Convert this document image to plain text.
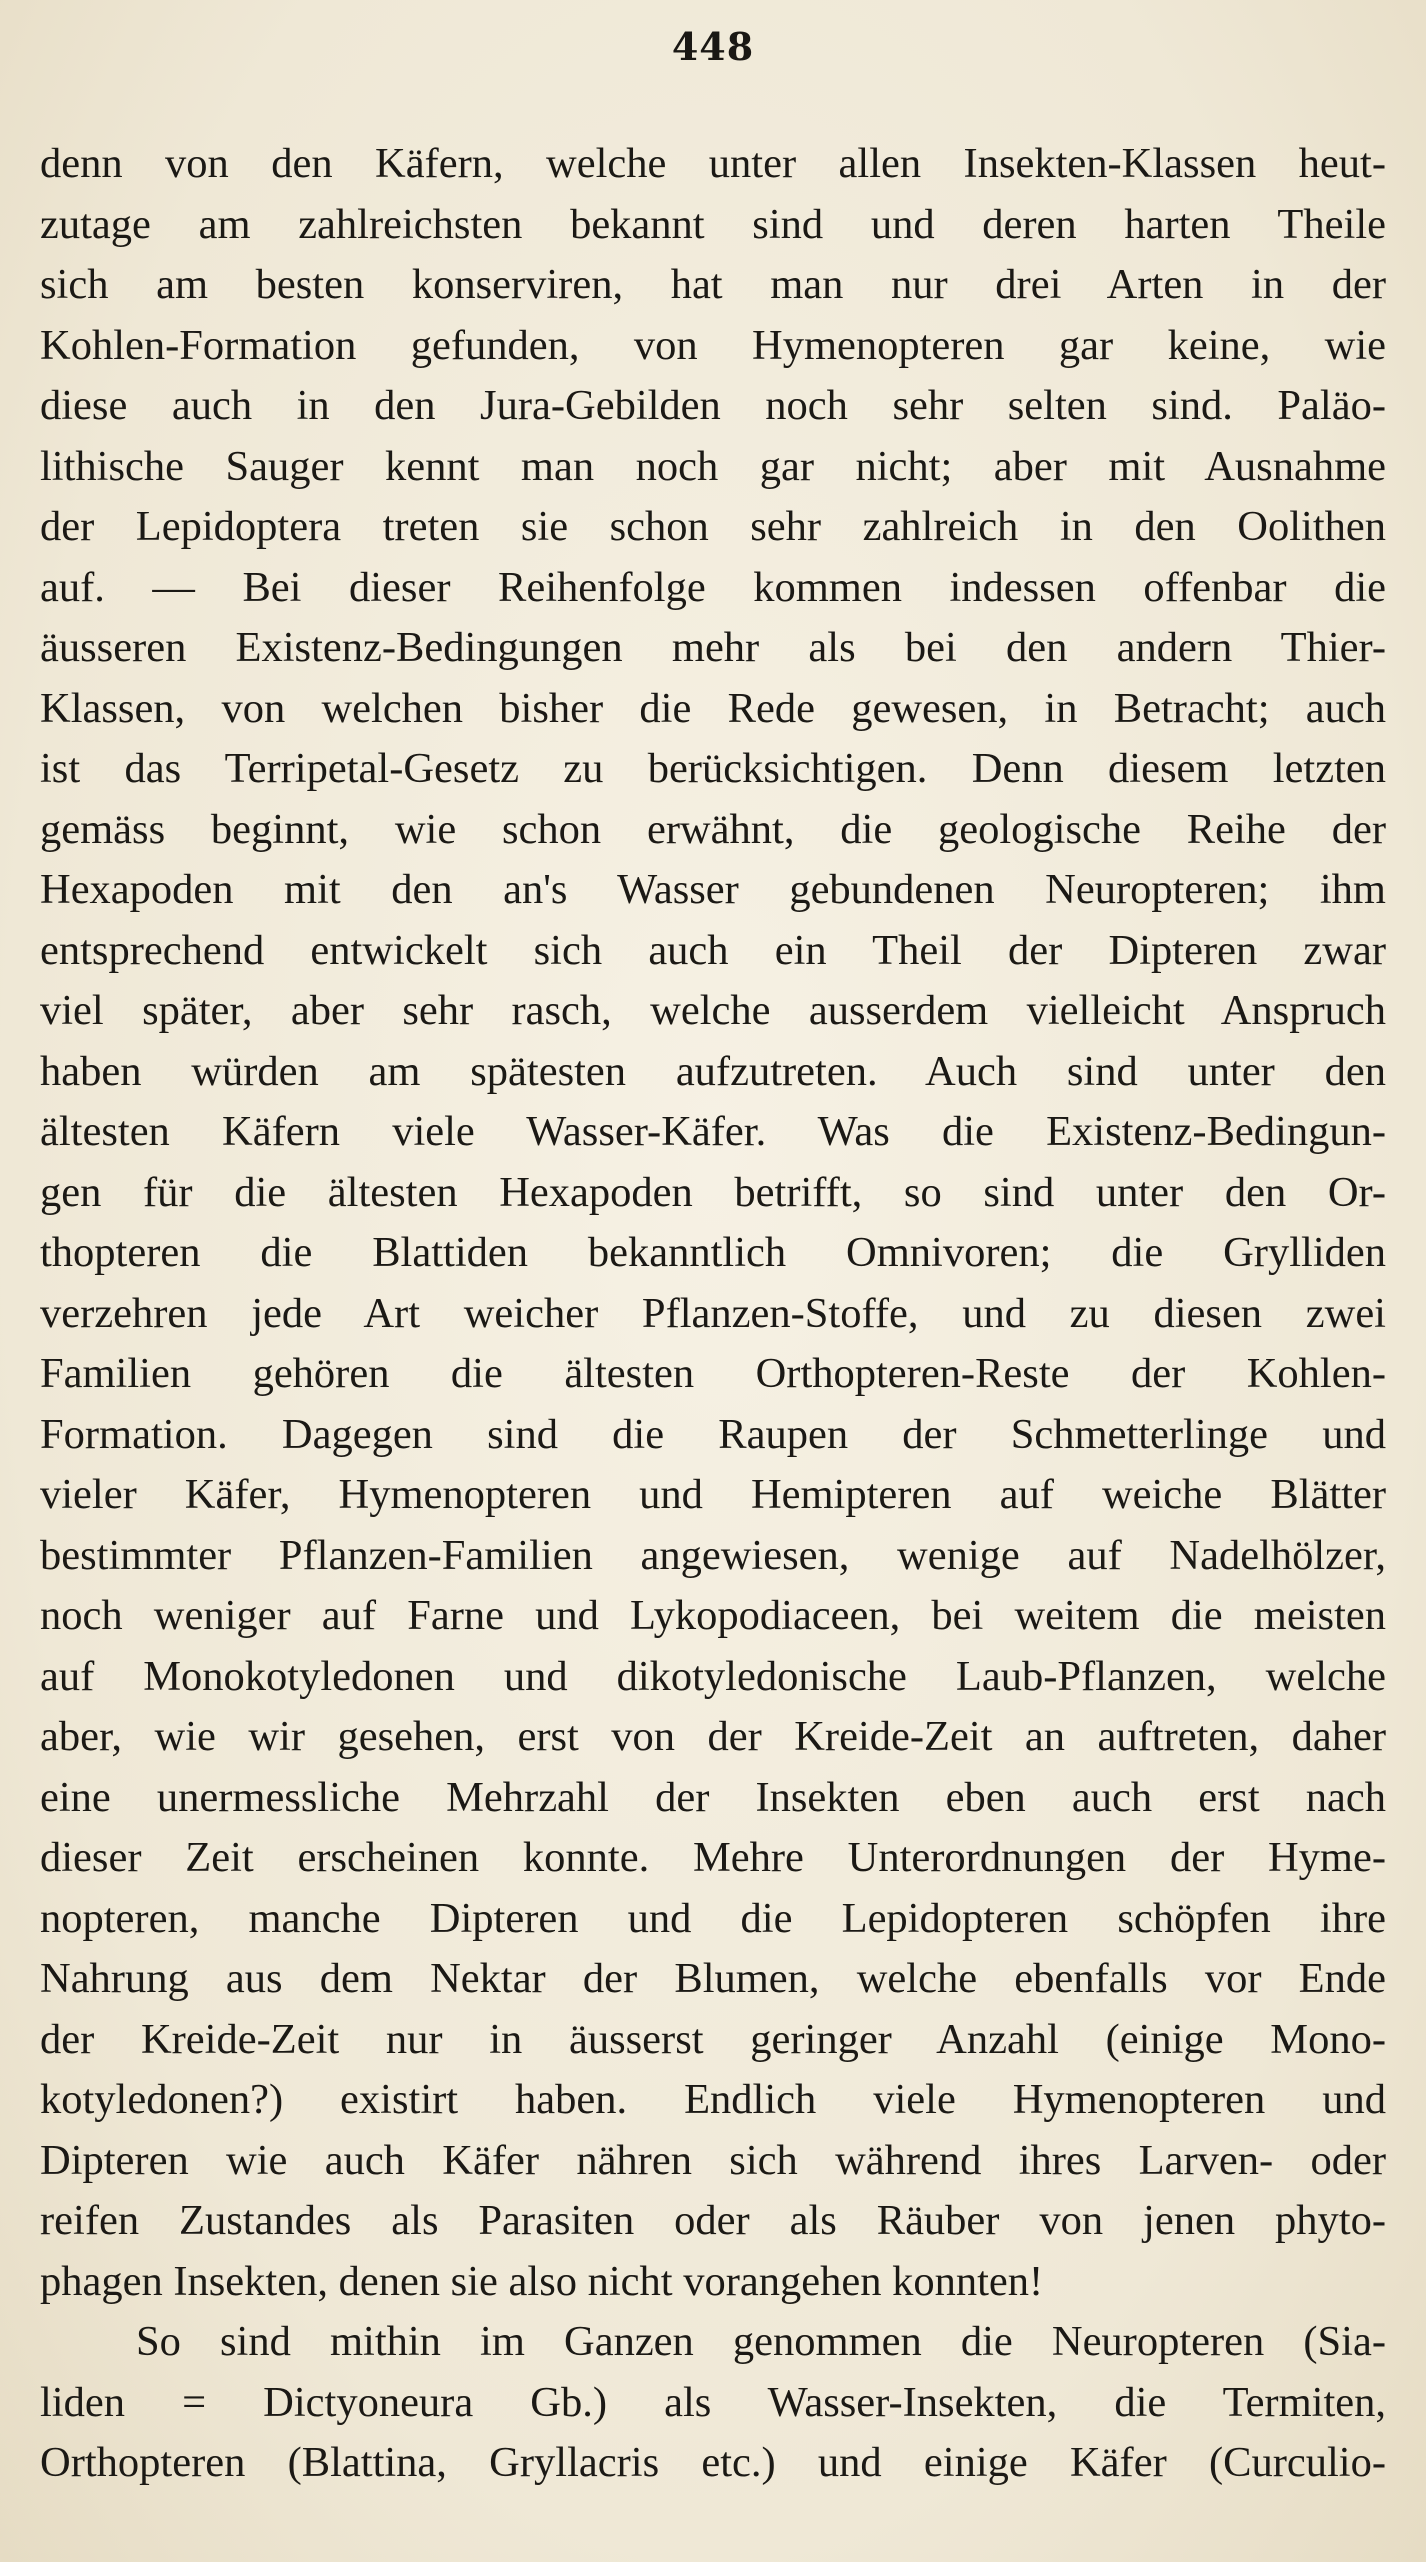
448
denn von den Käfern, welche unter allen Insekten-Klassen heut-
zutage am zahlreichsten bekannt sind und deren harten Theile
sich am besten konserviren, hat man nur drei Arten in der
Kohlen-Formation gefunden, von Hymenopteren gar keine, wie
diese auch in den Jura-Gebilden noch sehr selten sind. Paläo-
lithische Sauger kennt man noch gar nicht; aber mit Ausnahme
der Lepidoptera treten sie schon sehr zahlreich in den Oolithen
auf. — Bei dieser Reihenfolge kommen indessen offenbar die
äusseren Existenz-Bedingungen mehr als bei den andern Thier-
Klassen, von welchen bisher die Rede gewesen, in Betracht; auch
ist das Terripetal-Gesetz zu berücksichtigen. Denn diesem letzten
gemäss beginnt, wie schon erwähnt, die geologische Reihe der
Hexapoden mit den an's Wasser gebundenen Neuropteren; ihm
entsprechend entwickelt sich auch ein Theil der Dipteren zwar
viel später, aber sehr rasch, welche ausserdem vielleicht Anspruch
haben würden am spätesten aufzutreten. Auch sind unter den
ältesten Käfern viele Wasser-Käfer. Was die Existenz-Bedingun-
gen für die ältesten Hexapoden betrifft, so sind unter den Or-
thopteren die Blattiden bekanntlich Omnivoren; die Grylliden
verzehren jede Art weicher Pflanzen-Stoffe, und zu diesen zwei
Familien gehören die ältesten Orthopteren-Reste der Kohlen-
Formation. Dagegen sind die Raupen der Schmetterlinge und
vieler Käfer, Hymenopteren und Hemipteren auf weiche Blätter
bestimmter Pflanzen-Familien angewiesen, wenige auf Nadelhölzer,
noch weniger auf Farne und Lykopodiaceen, bei weitem die meisten
auf Monokotyledonen und dikotyledonische Laub-Pflanzen, welche
aber, wie wir gesehen, erst von der Kreide-Zeit an auftreten, daher
eine unermessliche Mehrzahl der Insekten eben auch erst nach
dieser Zeit erscheinen konnte. Mehre Unterordnungen der Hyme-
nopteren, manche Dipteren und die Lepidopteren schöpfen ihre
Nahrung aus dem Nektar der Blumen, welche ebenfalls vor Ende
der Kreide-Zeit nur in äusserst geringer Anzahl (einige Mono-
kotyledonen?) existirt haben. Endlich viele Hymenopteren und
Dipteren wie auch Käfer nähren sich während ihres Larven- oder
reifen Zustandes als Parasiten oder als Räuber von jenen phyto-
phagen Insekten, denen sie also nicht vorangehen konnten!
So sind mithin im Ganzen genommen die Neuropteren (Sia-
liden = Dictyoneura Gb.) als Wasser-Insekten, die Termiten,
Orthopteren (Blattina, Gryllacris etc.) und einige Käfer (Curculio-
